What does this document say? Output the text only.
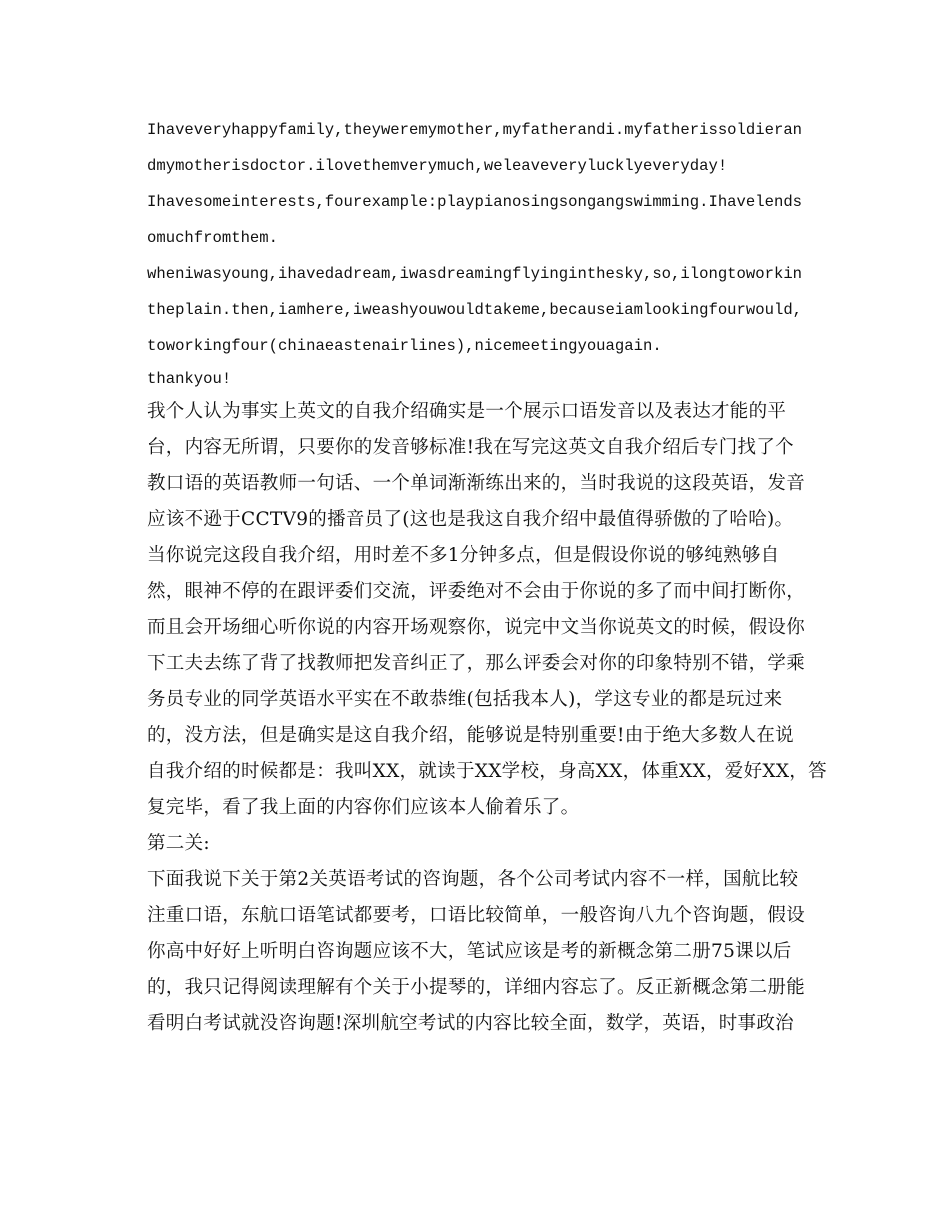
Ihaveveryhappyfamily,theyweremymother,myfatherandi.myfatherissoldieran

dmymotherisdoctor.ilovethemverymuch,weleaveverylucklyeveryday!

Ihavesomeinterests,fourexample:playpianosingsongangswimming.Ihavelends

omuchfromthem.

wheniwasyoung,ihavedadream,iwasdreamingflyinginthesky,so,ilongtoworkin

theplain.then,iamhere,iweashyouwouldtakeme,becauseiamlookingfourwould,

toworkingfour(chinaeastenairlines),nicemeetingyouagain.

thankyou!

我个人认为事实上英文的自我介绍确实是一个展示口语发音以及表达才能的平

台，内容无所谓，只要你的发音够标准!我在写完这英文自我介绍后专门找了个

教口语的英语教师一句话、一个单词渐渐练出来的，当时我说的这段英语，发音

应该不逊于CCTV9的播音员了(这也是我这自我介绍中最值得骄傲的了哈哈)。

当你说完这段自我介绍，用时差不多1分钟多点，但是假设你说的够纯熟够自

然，眼神不停的在跟评委们交流，评委绝对不会由于你说的多了而中间打断你，

而且会开场细心听你说的内容开场观察你，说完中文当你说英文的时候，假设你

下工夫去练了背了找教师把发音纠正了，那么评委会对你的印象特别不错，学乘

务员专业的同学英语水平实在不敢恭维(包括我本人)，学这专业的都是玩过来

的，没方法，但是确实是这自我介绍，能够说是特别重要!由于绝大多数人在说

自我介绍的时候都是：我叫XX，就读于XX学校，身高XX，体重XX，爱好XX，答

复完毕，看了我上面的内容你们应该本人偷着乐了。

第二关:

下面我说下关于第2关英语考试的咨询题，各个公司考试内容不一样，国航比较

注重口语，东航口语笔试都要考，口语比较简单，一般咨询八九个咨询题，假设

你高中好好上听明白咨询题应该不大，笔试应该是考的新概念第二册75课以后

的，我只记得阅读理解有个关于小提琴的，详细内容忘了。反正新概念第二册能

看明白考试就没咨询题!深圳航空考试的内容比较全面，数学，英语，时事政治
